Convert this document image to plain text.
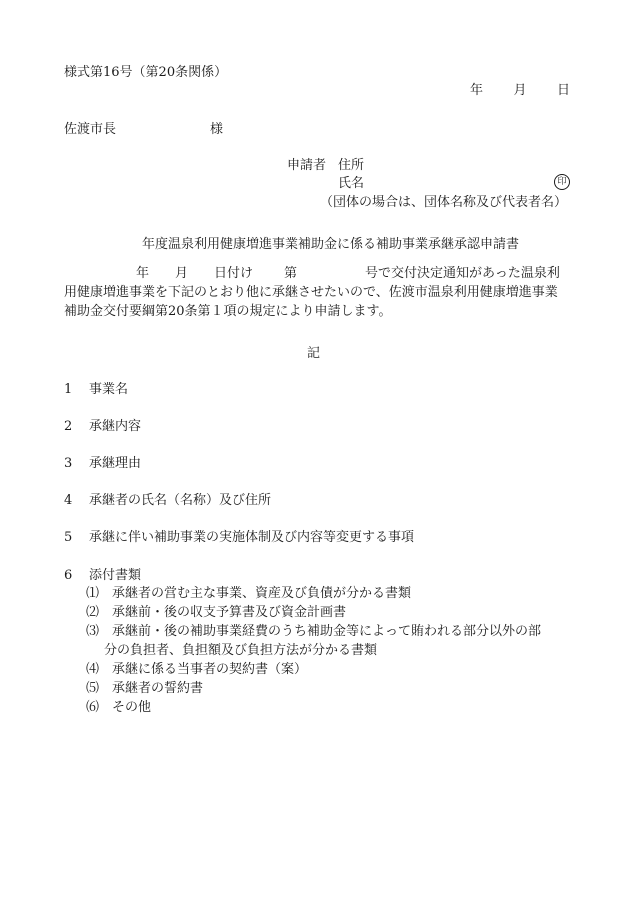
様式第16号（第20条関係）
年 月 日
佐渡市長	様
申請者 住所
氏名	印
（団体の場合は、団体名称及び代表者名）
年度温泉利用健康増進事業補助金に係る補助事業承継承認申請書
年 月 日付け 第	号で交付決定通知があった温泉利
用健康増進事業を下記のとおり他に承継させたいので、佐渡市温泉利用健康増進事業
補助金交付要綱第20条第１項の規定により申請します。
記
1 事業名
2 承継内容
3 承継理由
4 承継者の氏名（名称）及び住所
5 承継に伴い補助事業の実施体制及び内容等変更する事項
6 添付書類
⑴ 承継者の営む主な事業、資産及び負債が分かる書類
⑵ 承継前・後の収支予算書及び資金計画書
⑶ 承継前・後の補助事業経費のうち補助金等によって賄われる部分以外の部
分の負担者、負担額及び負担方法が分かる書類
⑷ 承継に係る当事者の契約書（案）
⑸ 承継者の誓約書
⑹ その他
